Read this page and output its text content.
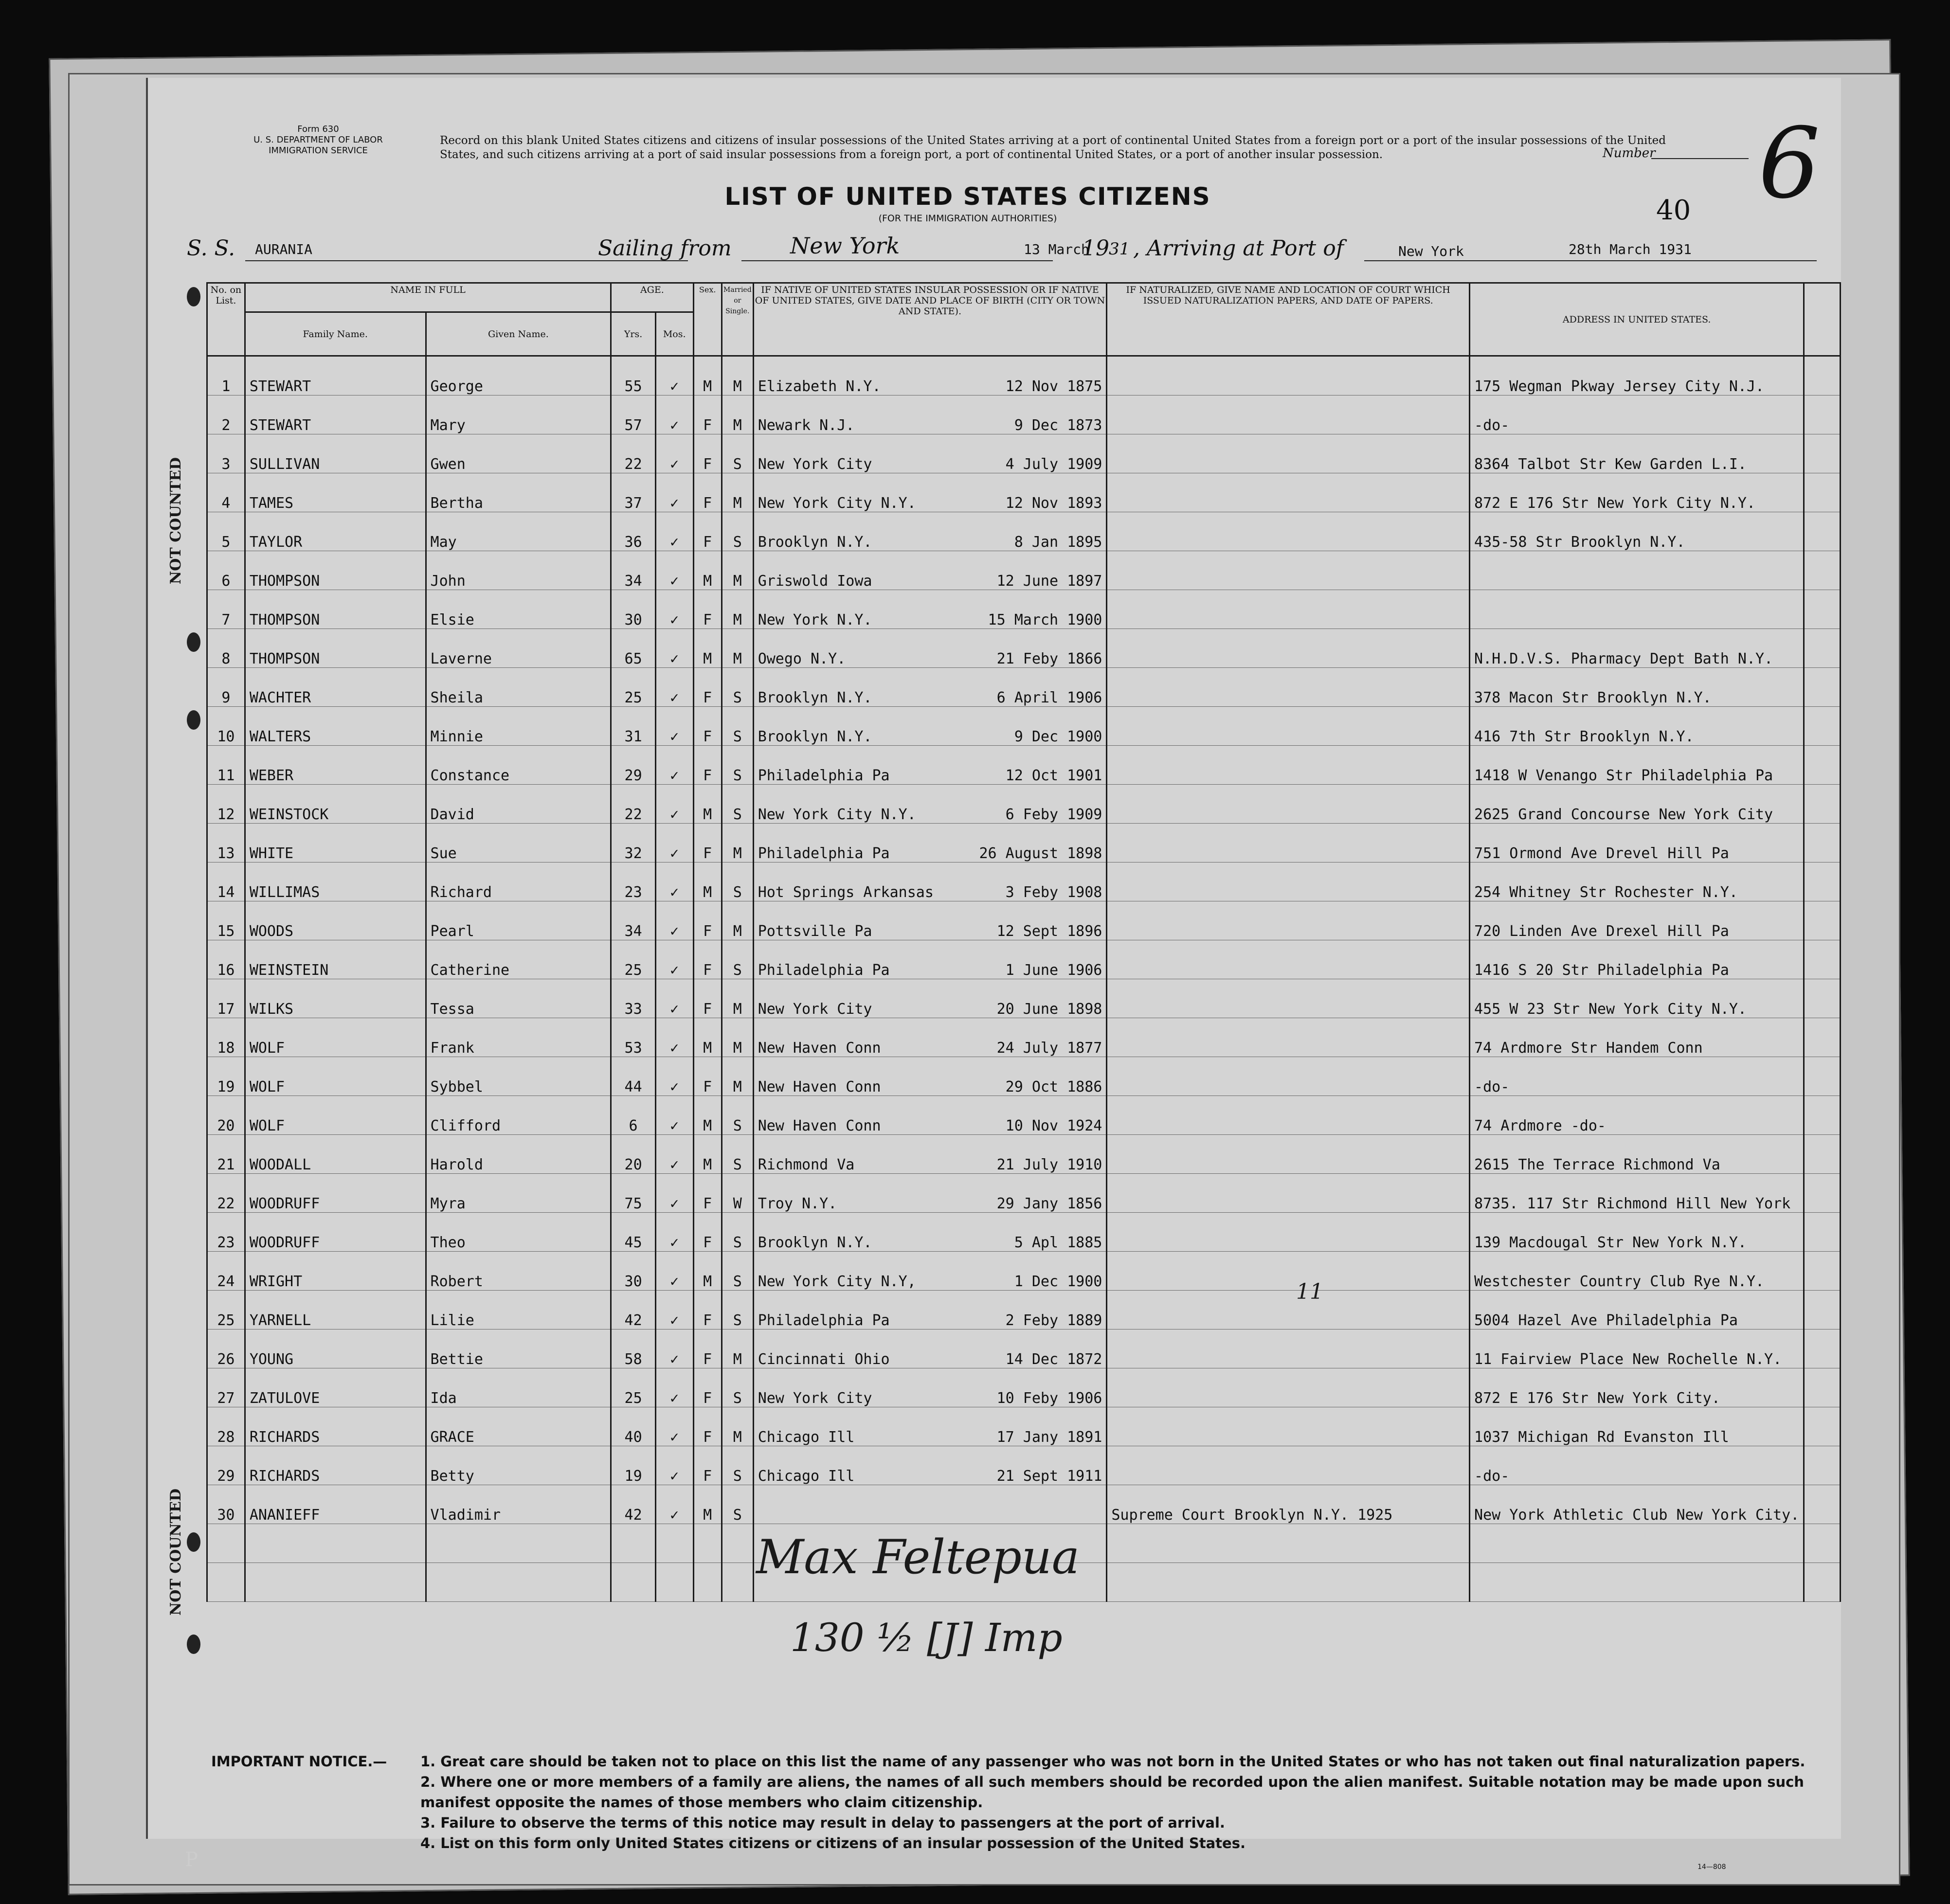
Form 630
U. S. DEPARTMENT OF LABOR
IMMIGRATION SERVICE
Record on this blank United States citizens and citizens of insular possessions of the United States arriving at a port of continental United States from a foreign port or a port of the insular possessions of the United States, and such citizens arriving at a port of said insular possessions from a foreign port, a port of continental United States, or a port of another insular possession.	Number 6
40
LIST OF UNITED STATES CITIZENS
(FOR THE IMMIGRATION AUTHORITIES)
S. S. AURANIA	Sailing from	New York	13 March
19 31 , Arriving at Port of	New York	28th March 1931
No. on List.	NAME IN FULL		AGE.		Sex.	Married or Single.	IF NATIVE OF UNITED STATES INSULAR POSSESSION OR IF NATIVE OF UNITED STATES, GIVE DATE AND PLACE OF BIRTH (CITY OR TOWN AND STATE).	IF NATURALIZED, GIVE NAME AND LOCATION OF COURT WHICH ISSUED NATURALIZATION PAPERS, AND DATE OF PAPERS.	ADDRESS IN UNITED STATES.	
	Family Name.	Given Name.	Yrs.	Mos.						
1	STEWART	George	55	✓	M	M	Elizabeth N.Y. 12 Nov 1875		175 Wegman Pkway Jersey City N.J.	
2	STEWART	Mary	57	✓	F	M	Newark N.J. 9 Dec 1873		-do-	
3	SULLIVAN	Gwen	22	✓	F	S	New York City 4 July 1909		8364 Talbot Str Kew Garden L.I.	
4	TAMES	Bertha	37	✓	F	M	New York City N.Y. 12 Nov 1893		872 E 176 Str New York City N.Y.	
5	TAYLOR	May	36	✓	F	S	Brooklyn N.Y. 8 Jan 1895		435-58 Str Brooklyn N.Y.	
6	THOMPSON	John	34	✓	M	M	Griswold Iowa 12 June 1897			

7	THOMPSON	Elsie	30	✓	F	M	New York N.Y. 15 March 1900			

8	THOMPSON	Laverne	65	✓	M	M	Owego N.Y. 21 Feby 1866		N.H.D.V.S. Pharmacy Dept Bath N.Y.	
9	WACHTER	Sheila	25	✓	F	S	Brooklyn N.Y. 6 April 1906		378 Macon Str Brooklyn N.Y.	
10	WALTERS	Minnie	31	✓	F	S	Brooklyn N.Y. 9 Dec 1900		416 7th Str Brooklyn N.Y.	
11	WEBER	Constance	29	✓	F	S	Philadelphia Pa 12 Oct 1901		1418 W Venango Str Philadelphia Pa	
12	WEINSTOCK	David	22	✓	M	S	New York City N.Y. 6 Feby 1909		2625 Grand Concourse New York City	
13	WHITE	Sue	32	✓	F	M	Philadelphia Pa 26 August 1898		751 Ormond Ave Drevel Hill Pa	
14	WILLIMAS	Richard	23	✓	M	S	Hot Springs Arkansas 3 Feby 1908		254 Whitney Str Rochester N.Y.	
15	WOODS	Pearl	34	✓	F	M	Pottsville Pa 12 Sept 1896		720 Linden Ave Drexel Hill Pa	
16	WEINSTEIN	Catherine	25	✓	F	S	Philadelphia Pa 1 June 1906		1416 S 20 Str Philadelphia Pa	
17	WILKS	Tessa	33	✓	F	M	New York City 20 June 1898		455 W 23 Str New York City N.Y.	
18	WOLF	Frank	53	✓	M	M	New Haven Conn 24 July 1877		74 Ardmore Str Handem Conn	
19	WOLF	Sybbel	44	✓	F	M	New Haven Conn 29 Oct 1886		-do-	
20	WOLF	Clifford	6	✓	M	S	New Haven Conn 10 Nov 1924		74 Ardmore -do-	
21	WOODALL	Harold	20	✓	M	S	Richmond Va 21 July 1910		2615 The Terrace Richmond Va	
22	WOODRUFF	Myra	75	✓	F	W	Troy N.Y. 29 Jany 1856		8735. 117 Str Richmond Hill New York	
23	WOODRUFF	Theo	45	✓	F	S	Brooklyn N.Y. 5 Apl 1885		139 Macdougal Str New York N.Y.	
24	WRIGHT	Robert	30	✓	M	S	New York City N.Y, 1 Dec 1900		Westchester Country Club Rye N.Y.	
25	YARNELL	Lilie	42	✓	F	S	Philadelphia Pa 2 Feby 1889		5004 Hazel Ave Philadelphia Pa	
26	YOUNG	Bettie	58	✓	F	M	Cincinnati Ohio 14 Dec 1872		11 Fairview Place New Rochelle N.Y.	
27	ZATULOVE	Ida	25	✓	F	S	New York City 10 Feby 1906		872 E 176 Str New York City.	
28	RICHARDS	GRACE	40	✓	F	M	Chicago Ill 17 Jany 1891		1037 Michigan Rd Evanston Ill	
29	RICHARDS	Betty	19	✓	F	S	Chicago Ill 21 Sept 1911		-do-	
30	ANANIEFF	Vladimir	42	✓	M	S		Supreme Court Brooklyn N.Y. 1925	New York Athletic Club New York City.	

Max Feltepua
130 ½ [J] Imp
11
NOT COUNTED
NOT COUNTED
IMPORTANT NOTICE.— 1. Great care should be taken not to place on this list the name of any passenger who was not born in the United States or who has not taken out final naturalization papers.
2. Where one or more members of a family are aliens, the names of all such members should be recorded upon the alien manifest. Suitable notation may be made upon such manifest opposite the names of those members who claim citizenship.
3. Failure to observe the terms of this notice may result in delay to passengers at the port of arrival.
4. List on this form only United States citizens or citizens of an insular possession of the United States.
14—808
P
